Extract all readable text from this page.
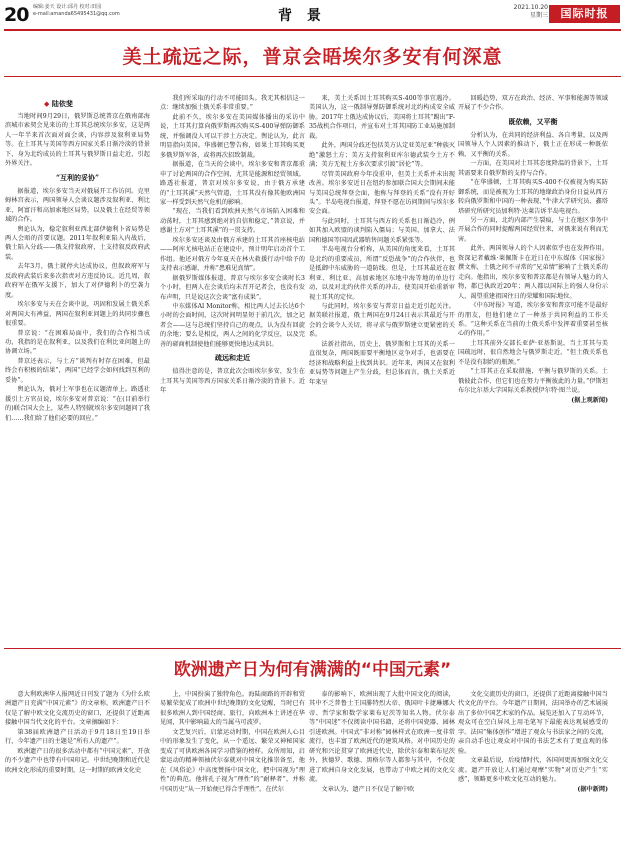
20 编辑:姜天 设计:邱丹 校对:田园
e-mail:amanda65495431@qq.com	背 景
2021.10.20
星期三	国际时报
美土疏远之际，普京会晤埃尔多安有何深意
◆ 陆依斐

当地时间9月29日，俄罗斯总统普京在俄南部海滨城市索契会见来访的土耳其总统埃尔多安，这是两人一年半来首次面对面会谈，内容涉及叙利亚局势等。在土耳其与美国等西方国家关系日渐冷淡的背景下，身为北约成员的土耳其与俄罗斯日益走近，引起外界关注。

“互利的妥协”

据报道，埃尔多安当天对俄展开工作访问。克里姆林宫表示，两国领导人会谈议题涉及叙利亚、利比亚、阿富汗和高加索地区局势，以及俄土在经贸等领域的合作。

舆论认为，稳定叙利亚西北部伊德利卜省局势是两人会晤的首要议题。2011年叙利亚陷入内战后，俄土陷入分歧——俄支持叙政府，土支持叙反政府武装。

去年3月，俄土就停火达成协议，但叙政府军与反政府武装后来多次指责对方违反协议。近几周，叙政府军在俄军支援下，加大了对伊德利卜的空袭力度。

埃尔多安与天在会谈中说，巩固和发展土俄关系对两国大有裨益，两国在叙利亚问题上的共同步骤也很重要。

普京说：“在困难局面中，我们的合作相当成功，我指的是在叙利亚，以及我们在利比亚问题上的协调立场。”

普京还表示，与土方“谈判有时存在困难，但最终会有积极的结果”，两国“已经学会如何找到互利的妥协”。

舆论认为，俄对土军事也在议题清单上。路透社援引土方官员说，埃尔多安对普京说：“在(目前举行的)联合国大会上，某些人特别就埃尔多安问题问了我们……我们给了他们必要的回应。”

我们所采取的行动不可能回头。我无其相信这一点：继续加强土俄关系非常重要。”

此前不久，埃尔多安在美国媒体播出的采访中说，土耳其打算向俄罗斯再次购买S-400导弹防御系统，并强调没人可以干涉土方决定。舆论认为，此言明显指向美国。华盛顿已警告称，如果土耳其购买更多俄罗斯军备，或将再次招致制裁。

据报道，在当天的会谈中，埃尔多安和普京都重申了讨论两国的合作空间，尤其是能源和经贸领域。路透社报道，普京对埃尔多安说，由于俄方承建的“土耳其溪”天然气管道，土耳其没有像其他欧洲国家一样受到天然气危机的影响。

“现在，当我们看到欧洲天然气市场陷入困难和动荡时，土耳其感到绝对的自信和稳定，”普京说，并感谢土方对“土耳其溪”的一贯支持。

埃尔多安还谈及由俄方承建的土耳其首座核电站——阿库尤核电站正在建设中，预计明年启动首个工作组。他还对俄方今年夏天在林火救援行动中给予的支持表示感谢，并称“患难见真情”。

据俄罗斯媒体报道，普京与埃尔多安会谈时长3个小时，但两人在会谈后均未召开记者会，也没有发布声明，只是说这次会谈“富有成果”。

中东媒体Al Monitor称，相比两人过去长达6个小时的会面时间，这次时间明显短于前几次，加之记者会——这与总统们坚持自己的观点，认为没有回旋的余地；要么是相反，两人之间的化学反应，以及完善的磋商机制使他们能够更快地达成共识。

疏远和走近

值得注意的是，普京此次会晤埃尔多安，发生在土耳其与美国等西方国家关系日渐冷淡的背景下。近年

来，美土关系因土耳其购买S-400等事宜遇冷。美国认为，这一俄制导弹防御系统对北约构成安全威胁。2017年土俄达成协议后，美国将土耳其“踢出”F-35战机合作项目，并宣布对土耳其国防工业局施加制裁。

此外，两国分歧还包括美方认定亚美尼亚“种族灭绝”激怒土方；美方支持叙利亚库尔德武装令土方不满；美方无视土方多次要求引渡“居伦”等。

尽管美国政府今年没重申，但美土关系并未出现改善。埃尔多安近日在纽约参加联合国大会期间未能与美国总统拜登会面，他称与拜登的关系“没有开好头”。半岛电视台报道，拜登不愿在访问期间与埃尔多安会面。

与此同时，土耳其与西方的关系也日渐趋冷，例如其加入欧盟的谈判陷入僵局；与美国、加拿大、法国和德国等国因武器销售问题关系紧张等。

半岛电视台分析称，从美国的角度来看，土耳其是北约的重要成员，所谓“反恐战争”的合作伙伴，也是抵御中东威胁的一道防线。但是，土耳其最近在叙利亚、利比亚、高加索地区东地中海等地的单边行动，以及对北约伙伴关系的冲击，使美国开始重新审视土耳其的定位。

与此同时，埃尔多安与普京日益走近引起关注。据美联社报道，俄土两国在9月24日表示其最近与开会的会谈令人关切，将寻求与俄罗斯建立更紧密的关系。

法新社指出，历史上，俄罗斯和土耳其的关系一直很复杂，两国既需要平衡地区竞争对手，也需要在经济和战略利益上找到共识。近年来，两国又在叙利亚局势等问题上产生分歧，但总体而言，俄土关系近年来呈

回暖趋势，双方在政治、经济、军事和能源等领域开展了不少合作。

既依赖，又平衡

分析认为，在共同的经济利益、各自考量，以及两国领导人个人因素的推动下，俄土正在形成一种既依赖，又平衡的关系。

一方面，在美国对土耳其态度降温的背景下，土耳其需要来自俄罗斯的支持与合作。

“在华盛顿，土耳其购买S-400不仅被视为购买防御系统，而是被视为土耳其的地缘政治身份日益从西方转向俄罗斯和中国的一种表现，”牛津大学研究员、鑫塔塔研究所研究员加利特·达莱告诉半岛电视台。

另一方面，北约内部产生裂痕，与土在地区事务中开展合作的同时提醒两国经贸往来，对俄来说有利而无害。

此外，两国领导人的个人因素似乎也在发挥作用。资深记者戴维·莱佩斯卡在近日在中东媒体《国家报》撰文称，土俄之间不寻常的“兄弟情”影响了土俄关系的走向。他指出，埃尔多安和普京都是有领导人魅力的人物，都已执政近20年；两人都以国际上的强人身份示人，渴望重建祖国往日的荣耀和国际地位。

《中东时报》写道，埃尔多安和普京可能不是最好的朋友，但他们建立了一种基于共同利益的工作关系。“这种关系在当前的土俄关系中发挥着重要甚至核心的作用。”

土耳其前外交部长亚萨·亚基斯说，当土耳其与美国疏远时，很自然地会与俄罗斯走近，“但土俄关系也不是没有制约的瓶颈。”

“土耳其正在采取措施，平衡与俄罗斯的关系。土俄彼此合作，但它们也在努力平衡彼此的力量。”伊斯坦布尔比尔基大学国际关系教授伊尔特·图兰说。

(据上观新闻)

欧洲遗产日为何有满满的“中国元素”

意大利欧洲华人报网近日刊发了题为《为什么欧洲遗产日充满“中国元素”》的文章称，欧洲遗产日不仅是了解中欧文化交流历史的窗口，还提供了近距离接触中国当代文化的平台。文章摘编如下：

第38届欧洲遗产日活动于9月18日至19日举行，今年遗产日的主题是“所有人的遗产”。

欧洲遗产日的很多活动中都有“中国元素”，开放的不少遗产中也带有中国印记。中世纪晚期和近代是欧洲文化形成的重要时期，这一时期的欧洲文化史

上，中国扮演了独特角色。海陆商路的开辟和贸易繁荣促成了欧洲中世纪晚期的文化觉醒，当时已有很多欧洲人到中国经商、旅行，向欧洲本土讲述在华见闻，其中影响最大的当属马可波罗。

文艺复兴后，启蒙运动时期，中国在欧洲人心目中的形象发生了变化，从一个遥远、繁荣又神秘国家变成了可供欧洲各国学习借鉴的榜样。众所周知，启蒙运动的精神领袖伏尔泰就对中国文化推崇备至，他在《风俗论》中高度赞扬中国文化，把中国视为“理性”的典范。他将孔子视为“理性”的“耐释者”，并称中国历史“从一开始便已得合乎理性”。在伏尔

泰的影响下，欧洲出现了大批中国文化的阅读，其中不乏普鲁士王国腓特烈大帝、俄国叶卡捷琳娜大帝、哲学家和数学家莱布尼茨等知名人物。伏尔泰等“中国迷”不仅阅读中国书籍，还将中国瓷器、园林引进欧洲。中国式“非对称”园林样式在欧洲一度非常流行，也丰富了欧洲近代的建筑风格。对中国历史的研究和兴论贯穿了欧洲近代史，除伏尔泰和莱布尼茨外，狄德罗、歌德、黑格尔等人都参与其中，不仅促进了欧洲自身文化发展，也带动了中欧之间的文化交流。

文章认为，遗产日不仅是了解中欧

文化交流历史的窗口，还提供了近距离接触中国当代文化的平台。今年遗产日期间，法国举办的艺术展展出了多位中国艺术家的作品。展览还加入了互动环节，观众可在空白屏风上用毛笔写下最能表达观展感受的字。法国“集体创作”增进了观众与书法家之间的交流，亲自动手也让观众对中国的书法艺术有了更直观的体验。

文章最后说，后疫情时代，各国间更需加强文化交流。遗产开放让人们通过观摩“实物”对历史产生“实感”，领略更多中欧文化互动的魅力。

(据中新网)
